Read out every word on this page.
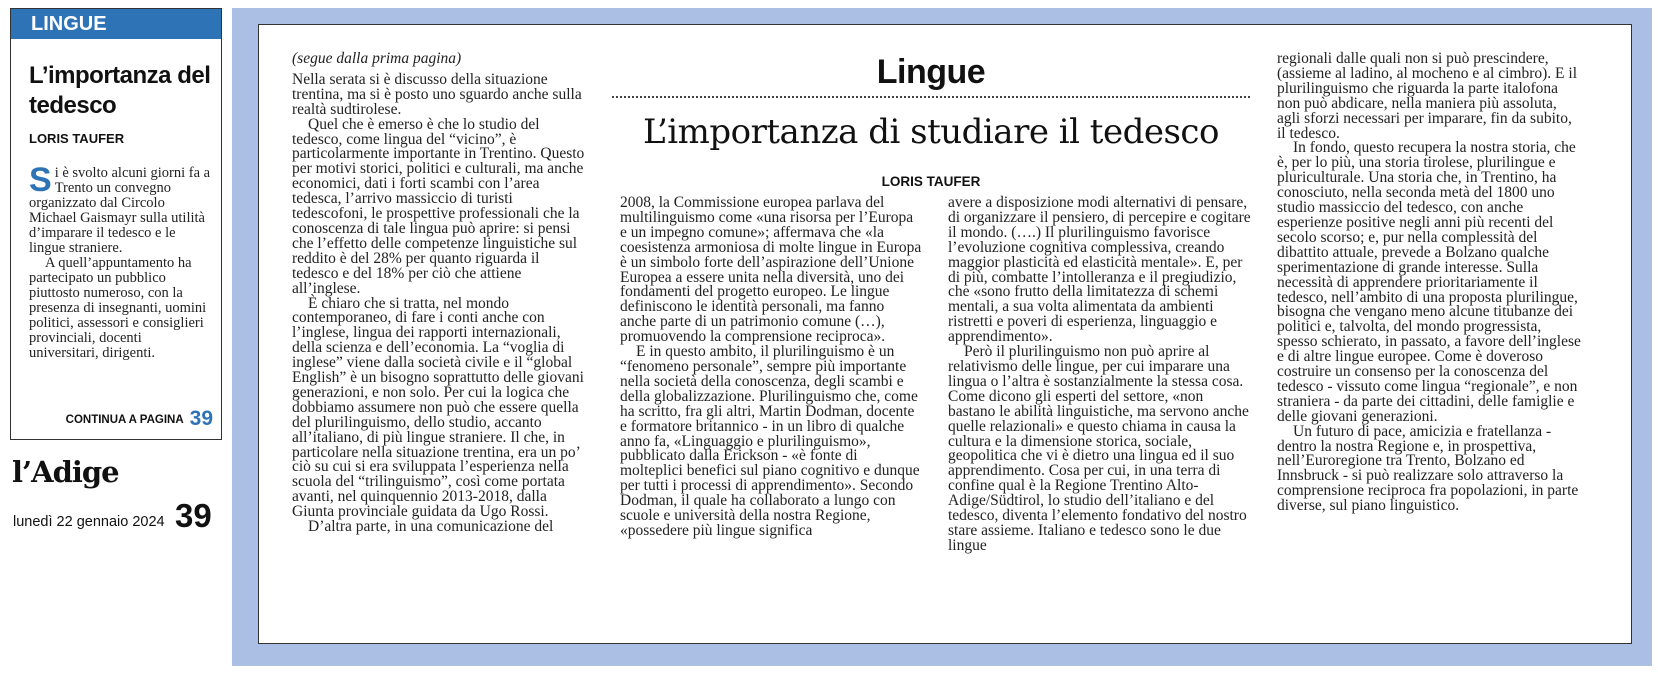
LINGUE
L’importanza del tedesco
LORIS TAUFER

Si è svolto alcuni giorni fa a Trento un convegno organizzato dal Circolo Michael Gaismayr sulla utilità d’imparare il tedesco e le lingue straniere.

A quell’appuntamento ha partecipato un pubblico piuttosto numeroso, con la presenza di insegnanti, uomini politici, assessori e consiglieri provinciali, docenti universitari, dirigenti.

CONTINUA A PAGINA 39
l’Adige
lunedì 22 gennaio 2024 39
Lingue
L’importanza di studiare il tedesco
LORIS TAUFER

(segue dalla prima pagina)

Nella serata si è discusso della situazione trentina, ma si è posto uno sguardo anche sulla realtà sudtirolese.

Quel che è emerso è che lo studio del tedesco, come lingua del “vicino”, è particolarmente importante in Trentino. Questo per motivi storici, politici e culturali, ma anche economici, dati i forti scambi con l’area tedesca, l’arrivo massiccio di turisti tedescofoni, le prospettive professionali che la conoscenza di tale lingua può aprire: si pensi che l’effetto delle competenze linguistiche sul reddito è del 28% per quanto riguarda il tedesco e del 18% per ciò che attiene all’inglese.

È chiaro che si tratta, nel mondo contemporaneo, di fare i conti anche con l’inglese, lingua dei rapporti internazionali, della scienza e dell’economia. La “voglia di inglese” viene dalla società civile e il “global English” è un bisogno soprattutto delle giovani generazioni, e non solo. Per cui la logica che dobbiamo assumere non può che essere quella del plurilinguismo, dello studio, accanto all’italiano, di più lingue straniere. Il che, in particolare nella situazione trentina, era un po’ ciò su cui si era sviluppata l’esperienza nella scuola del “trilinguismo”, così come portata avanti, nel quinquennio 2013-2018, dalla Giunta provinciale guidata da Ugo Rossi.

D’altra parte, in una comunicazione del

2008, la Commissione europea parlava del multilinguismo come «una risorsa per l’Europa e un impegno comune»; affermava che «la coesistenza armoniosa di molte lingue in Europa è un simbolo forte dell’aspirazione dell’Unione Europea a essere unita nella diversità, uno dei fondamenti del progetto europeo. Le lingue definiscono le identità personali, ma fanno anche parte di un patrimonio comune (…), promuovendo la comprensione reciproca».

E in questo ambito, il plurilinguismo è un “fenomeno personale”, sempre più importante nella società della conoscenza, degli scambi e della globalizzazione. Plurilinguismo che, come ha scritto, fra gli altri, Martin Dodman, docente e formatore britannico - in un libro di qualche anno fa, «Linguaggio e plurilinguismo», pubblicato dalla Erickson - «è fonte di molteplici benefici sul piano cognitivo e dunque per tutti i processi di apprendimento». Secondo Dodman, il quale ha collaborato a lungo con scuole e università della nostra Regione, «possedere più lingue significa

avere a disposizione modi alternativi di pensare, di organizzare il pensiero, di percepire e cogitare il mondo. (….) Il plurilinguismo favorisce l’evoluzione cognitiva complessiva, creando maggior plasticità ed elasticità mentale». E, per di più, combatte l’intolleranza e il pregiudizio, che «sono frutto della limitatezza di schemi mentali, a sua volta alimentata da ambienti ristretti e poveri di esperienza, linguaggio e apprendimento».

Però il plurilinguismo non può aprire al relativismo delle lingue, per cui imparare una lingua o l’altra è sostanzialmente la stessa cosa. Come dicono gli esperti del settore, «non bastano le abilità linguistiche, ma servono anche quelle relazionali» e questo chiama in causa la cultura e la dimensione storica, sociale, geopolitica che vi è dietro una lingua ed il suo apprendimento. Cosa per cui, in una terra di confine qual è la Regione Trentino Alto-Adige/Südtirol, lo studio dell’italiano e del tedesco, diventa l’elemento fondativo del nostro stare assieme. Italiano e tedesco sono le due lingue

regionali dalle quali non si può prescindere, (assieme al ladino, al mocheno e al cimbro). E il plurilinguismo che riguarda la parte italofona non può abdicare, nella maniera più assoluta, agli sforzi necessari per imparare, fin da subito, il tedesco.

In fondo, questo recupera la nostra storia, che è, per lo più, una storia tirolese, plurilingue e pluriculturale. Una storia che, in Trentino, ha conosciuto, nella seconda metà del 1800 uno studio massiccio del tedesco, con anche esperienze positive negli anni più recenti del secolo scorso; e, pur nella complessità del dibattito attuale, prevede a Bolzano qualche sperimentazione di grande interesse. Sulla necessità di apprendere prioritariamente il tedesco, nell’ambito di una proposta plurilingue, bisogna che vengano meno alcune titubanze dei politici e, talvolta, del mondo progressista, spesso schierato, in passato, a favore dell’inglese e di altre lingue europee. Come è doveroso costruire un consenso per la conoscenza del tedesco - vissuto come lingua “regionale”, e non straniera - da parte dei cittadini, delle famiglie e delle giovani generazioni.

Un futuro di pace, amicizia e fratellanza - dentro la nostra Regione e, in prospettiva, nell’Euroregione tra Trento, Bolzano ed Innsbruck - si può realizzare solo attraverso la comprensione reciproca fra popolazioni, in parte diverse, sul piano linguistico.
